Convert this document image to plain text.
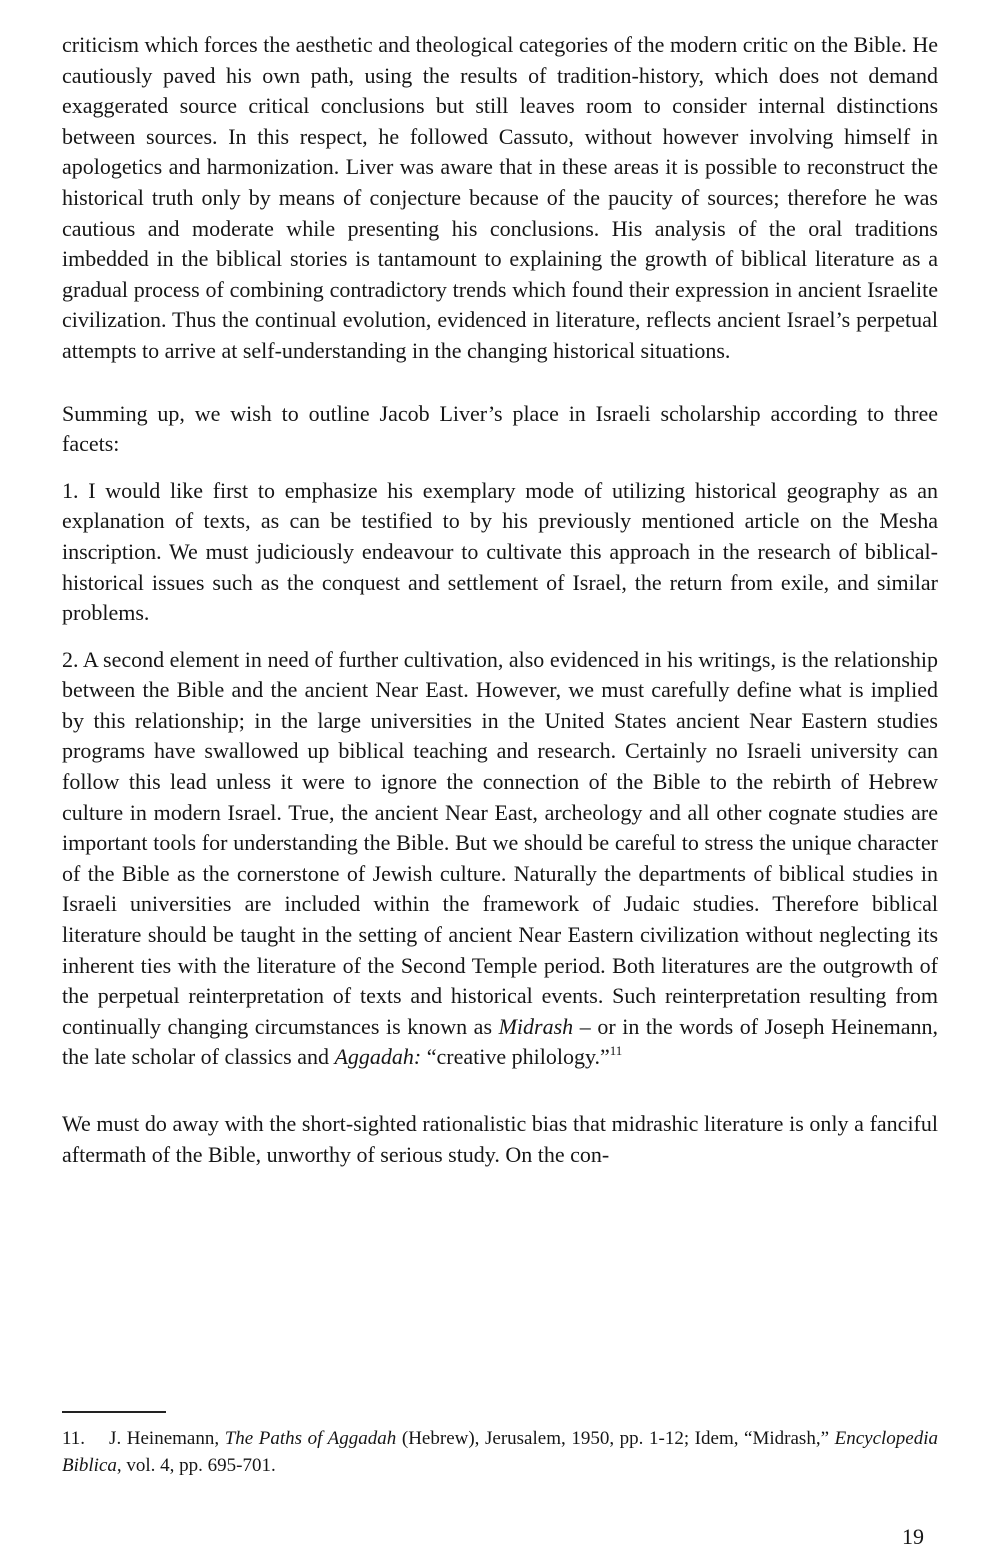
criticism which forces the aesthetic and theological categories of the modern critic on the Bible. He cautiously paved his own path, using the results of tradition-history, which does not demand exaggerated source critical conclusions but still leaves room to consider internal distinctions between sources. In this respect, he followed Cassuto, without however involving himself in apologetics and harmonization. Liver was aware that in these areas it is possible to reconstruct the historical truth only by means of conjecture because of the paucity of sources; therefore he was cautious and moderate while presenting his conclusions. His analysis of the oral traditions imbedded in the biblical stories is tantamount to explaining the growth of biblical literature as a gradual process of combining contradictory trends which found their expression in ancient Israelite civilization. Thus the continual evolution, evidenced in literature, reflects ancient Israel’s perpetual attempts to arrive at self-understanding in the changing historical situations.

Summing up, we wish to outline Jacob Liver’s place in Israeli scholarship according to three facets:

1. I would like first to emphasize his exemplary mode of utilizing historical geography as an explanation of texts, as can be testified to by his previously mentioned article on the Mesha inscription. We must judiciously endeavour to cultivate this approach in the research of biblical-historical issues such as the conquest and settlement of Israel, the return from exile, and similar problems.

2. A second element in need of further cultivation, also evidenced in his writings, is the relationship between the Bible and the ancient Near East. However, we must carefully define what is implied by this relationship; in the large universities in the United States ancient Near Eastern studies programs have swallowed up biblical teaching and research. Certainly no Israeli university can follow this lead unless it were to ignore the connection of the Bible to the rebirth of Hebrew culture in modern Israel. True, the ancient Near East, archeology and all other cognate studies are important tools for understanding the Bible. But we should be careful to stress the unique character of the Bible as the cornerstone of Jewish culture. Naturally the departments of biblical studies in Israeli universities are included within the framework of Judaic studies. Therefore biblical literature should be taught in the setting of ancient Near Eastern civilization without neglecting its inherent ties with the literature of the Second Temple period. Both literatures are the outgrowth of the perpetual reinterpretation of texts and historical events. Such reinterpretation resulting from continually changing circumstances is known as Midrash – or in the words of Joseph Heinemann, the late scholar of classics and Aggadah: “creative philology.”$^{11}$

We must do away with the short-sighted rationalistic bias that midrashic literature is only a fanciful aftermath of the Bible, unworthy of serious study. On the con-

11. J. Heinemann, The Paths of Aggadah (Hebrew), Jerusalem, 1950, pp. 1-12; Idem, “Midrash,” Encyclopedia Biblica, vol. 4, pp. 695-701.

19
